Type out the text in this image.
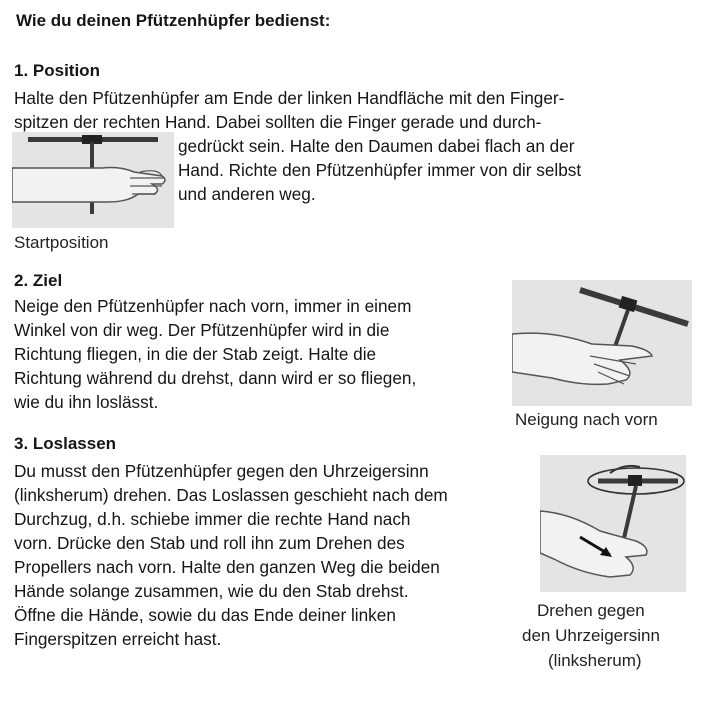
Wie du deinen Pfützenhüpfer bedienst:
1. Position
Halte den Pfützenhüpfer am Ende der linken Handfläche mit den Finger-
spitzen der rechten Hand. Dabei sollten die Finger gerade und durch-
gedrückt sein. Halte den Daumen dabei flach an der
Hand. Richte den Pfützenhüpfer immer von dir selbst
und anderen weg.
Startposition
2. Ziel
Neige den Pfützenhüpfer nach vorn, immer in einem
Winkel von dir weg. Der Pfützenhüpfer wird in die
Richtung fliegen, in die der Stab zeigt. Halte die
Richtung während du drehst, dann wird er so fliegen,
wie du ihn loslässt.
Neigung nach vorn
3. Loslassen
Du musst den Pfützenhüpfer gegen den Uhrzeigersinn
(linksherum) drehen. Das Loslassen geschieht nach dem
Durchzug, d.h. schiebe immer die rechte Hand nach
vorn. Drücke den Stab und roll ihn zum Drehen des
Propellers nach vorn. Halte den ganzen Weg die beiden
Hände solange zusammen, wie du den Stab drehst.
Öffne die Hände, sowie du das Ende deiner linken
Fingerspitzen erreicht hast.
Drehen gegen
den Uhrzeigersinn
(linksherum)
